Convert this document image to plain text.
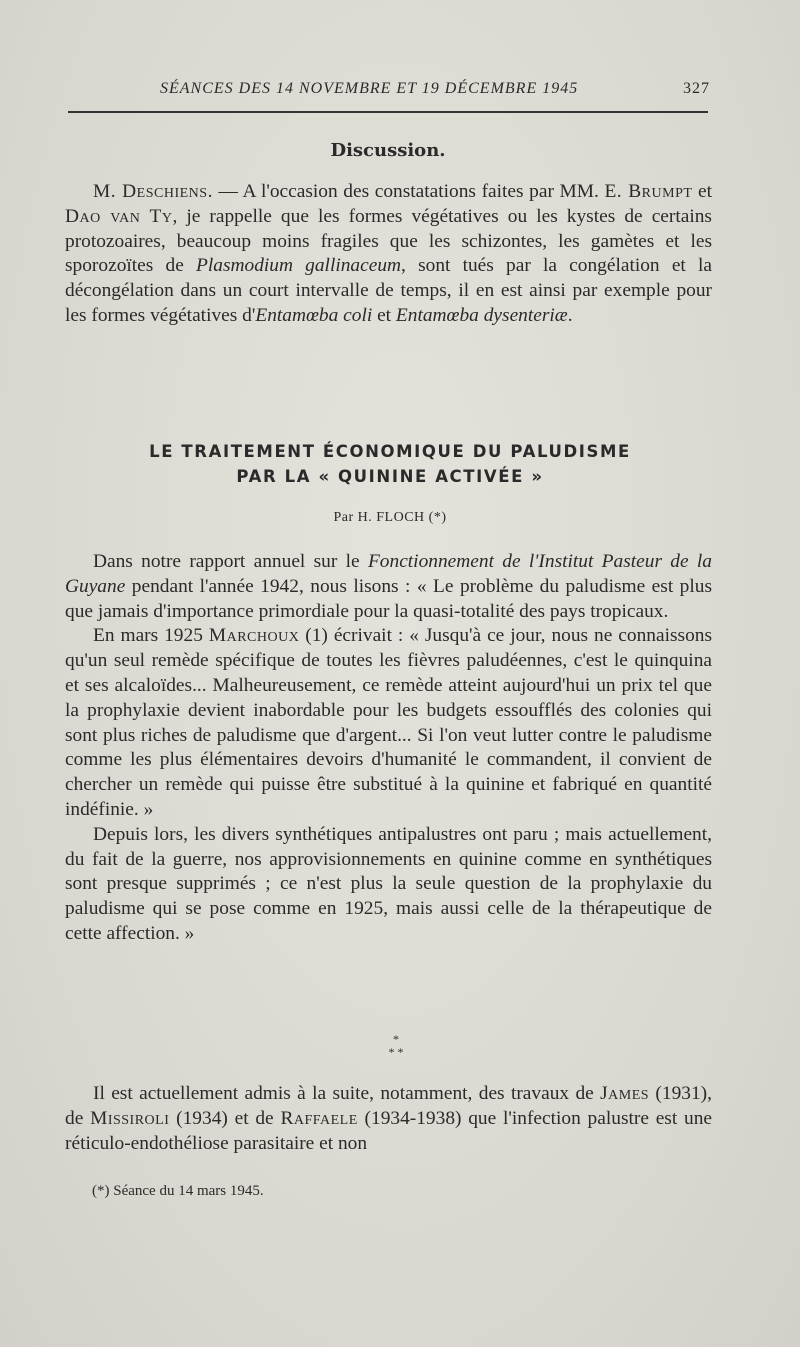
SÉANCES DES 14 NOVEMBRE ET 19 DÉCEMBRE 1945	327
Discussion.

M. Deschiens. — A l'occasion des constatations faites par MM. E. Brumpt et Dao van Ty, je rappelle que les formes végétatives ou les kystes de certains protozoaires, beaucoup moins fragiles que les schizontes, les gamètes et les sporozoïtes de Plasmodium gallinaceum, sont tués par la congélation et la décongélation dans un court intervalle de temps, il en est ainsi par exemple pour les formes végétatives d'Entamœba coli et Entamœba dysenteriæ.

LE TRAITEMENT ÉCONOMIQUE DU PALUDISME
PAR LA « QUININE ACTIVÉE »
Par H. FLOCH (*)

Dans notre rapport annuel sur le Fonctionnement de l'Institut Pasteur de la Guyane pendant l'année 1942, nous lisons : « Le problème du paludisme est plus que jamais d'importance primordiale pour la quasi-totalité des pays tropicaux.

En mars 1925 Marchoux (1) écrivait : « Jusqu'à ce jour, nous ne connaissons qu'un seul remède spécifique de toutes les fièvres paludéennes, c'est le quinquina et ses alcaloïdes... Malheureusement, ce remède atteint aujourd'hui un prix tel que la prophylaxie devient inabordable pour les budgets essoufflés des colonies qui sont plus riches de paludisme que d'argent... Si l'on veut lutter contre le paludisme comme les plus élémentaires devoirs d'humanité le commandent, il convient de chercher un remède qui puisse être substitué à la quinine et fabriqué en quantité indéfinie. »

Depuis lors, les divers synthétiques antipalustres ont paru ; mais actuellement, du fait de la guerre, nos approvisionnements en quinine comme en synthétiques sont presque supprimés ; ce n'est plus la seule question de la prophylaxie du paludisme qui se pose comme en 1925, mais aussi celle de la thérapeutique de cette affection. »

*
* *

Il est actuellement admis à la suite, notamment, des travaux de James (1931), de Missiroli (1934) et de Raffaele (1934-1938) que l'infection palustre est une réticulo-endothéliose parasitaire et non

(*) Séance du 14 mars 1945.
